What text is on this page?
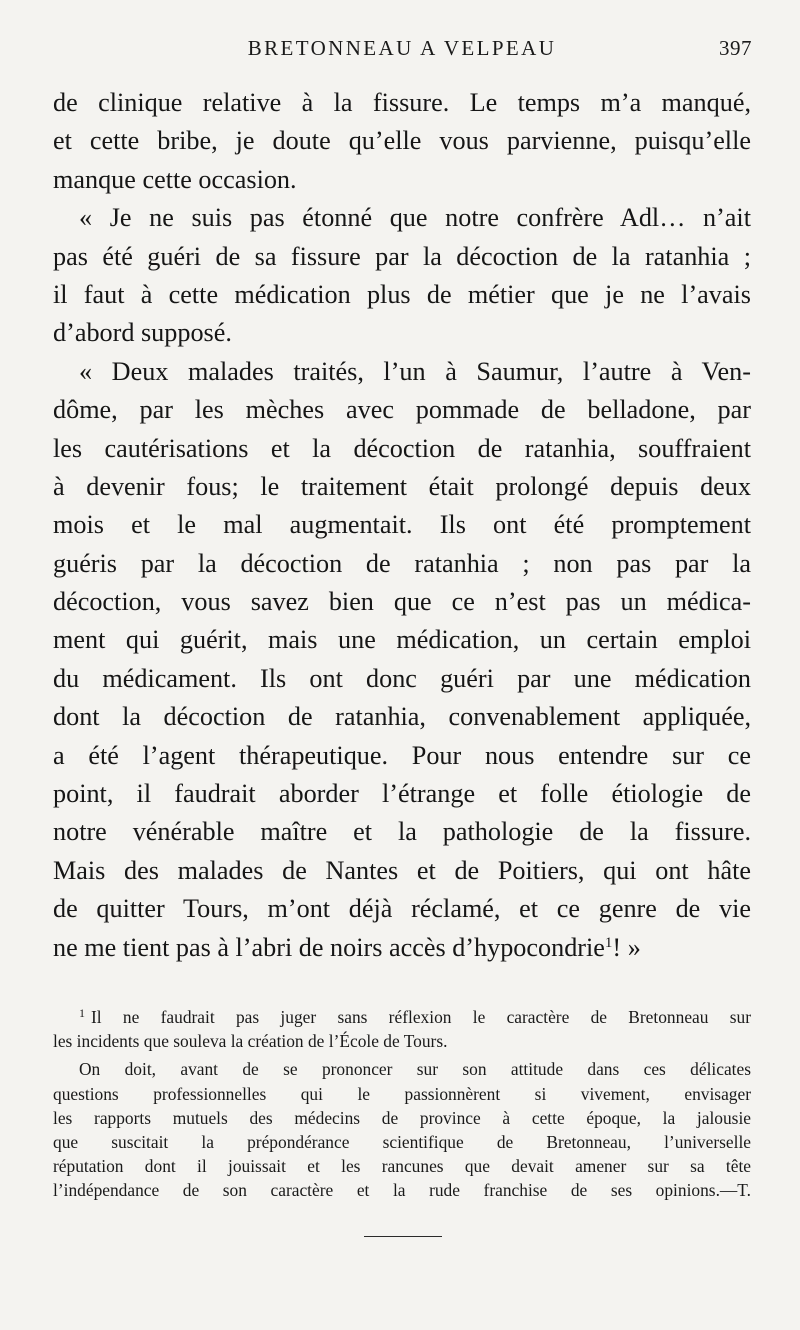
BRETONNEAU A VELPEAU	397
de clinique relative à la fissure. Le temps m’a manqué,
et cette bribe, je doute qu’elle vous parvienne, puisqu’elle
manque cette occasion.
« Je ne suis pas étonné que notre confrère Adl… n’ait
pas été guéri de sa fissure par la décoction de la ratanhia ;
il faut à cette médication plus de métier que je ne l’avais
d’abord supposé.
« Deux malades traités, l’un à Saumur, l’autre à Ven-
dôme, par les mèches avec pommade de belladone, par
les cautérisations et la décoction de ratanhia, souffraient
à devenir fous; le traitement était prolongé depuis deux
mois et le mal augmentait. Ils ont été promptement
guéris par la décoction de ratanhia ; non pas par la
décoction, vous savez bien que ce n’est pas un médica-
ment qui guérit, mais une médication, un certain emploi
du médicament. Ils ont donc guéri par une médication
dont la décoction de ratanhia, convenablement appliquée,
a été l’agent thérapeutique. Pour nous entendre sur ce
point, il faudrait aborder l’étrange et folle étiologie de
notre vénérable maître et la pathologie de la fissure.
Mais des malades de Nantes et de Poitiers, qui ont hâte
de quitter Tours, m’ont déjà réclamé, et ce genre de vie
ne me tient pas à l’abri de noirs accès d’hypocondrie$^1$! »
$^1$ Il ne faudrait pas juger sans réflexion le caractère de Bretonneau sur
les incidents que souleva la création de l’École de Tours.
On doit, avant de se prononcer sur son attitude dans ces délicates
questions professionnelles qui le passionnèrent si vivement, envisager
les rapports mutuels des médecins de province à cette époque, la jalousie
que suscitait la prépondérance scientifique de Bretonneau, l’universelle
réputation dont il jouissait et les rancunes que devait amener sur sa tête
l’indépendance de son caractère et la rude franchise de ses opinions.—T.
